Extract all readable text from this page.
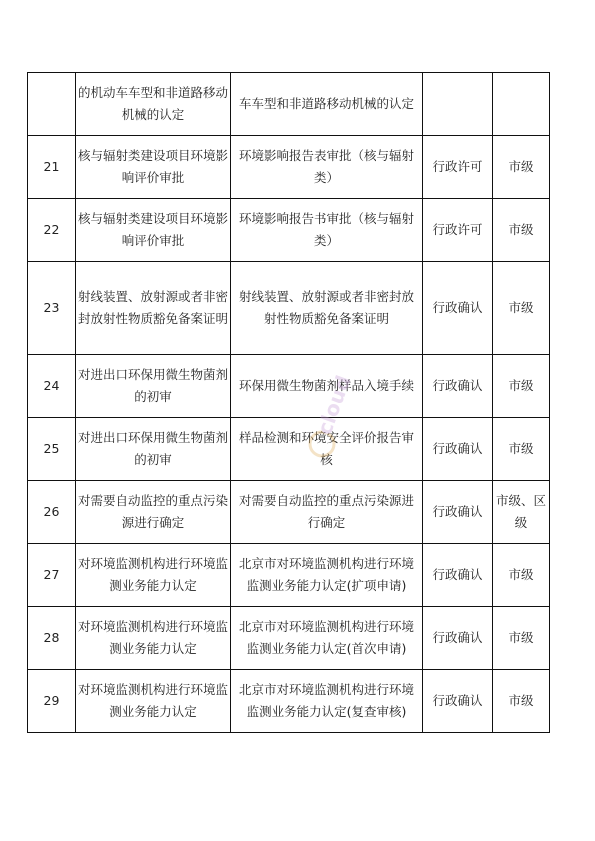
	的机动车车型和非道路移动机械的认定	车车型和非道路移动机械的认定		
21	核与辐射类建设项目环境影响评价审批	环境影响报告表审批（核与辐射类）	行政许可	市级
22	核与辐射类建设项目环境影响评价审批	环境影响报告书审批（核与辐射类）	行政许可	市级
23	射线装置、放射源或者非密封放射性物质豁免备案证明	射线装置、放射源或者非密封放射性物质豁免备案证明	行政确认	市级
24	对进出口环保用微生物菌剂的初审	环保用微生物菌剂样品入境手续	行政确认	市级
25	对进出口环保用微生物菌剂的初审	样品检测和环境安全评价报告审核	行政确认	市级
26	对需要自动监控的重点污染源进行确定	对需要自动监控的重点污染源进行确定	行政确认	市级、区级
27	对环境监测机构进行环境监测业务能力认定	北京市对环境监测机构进行环境监测业务能力认定(扩项申请)	行政确认	市级
28	对环境监测机构进行环境监测业务能力认定	北京市对环境监测机构进行环境监测业务能力认定(首次申请)	行政确认	市级
29	对环境监测机构进行环境监测业务能力认定	北京市对环境监测机构进行环境监测业务能力认定(复查审核)	行政确认	市级
cloud
